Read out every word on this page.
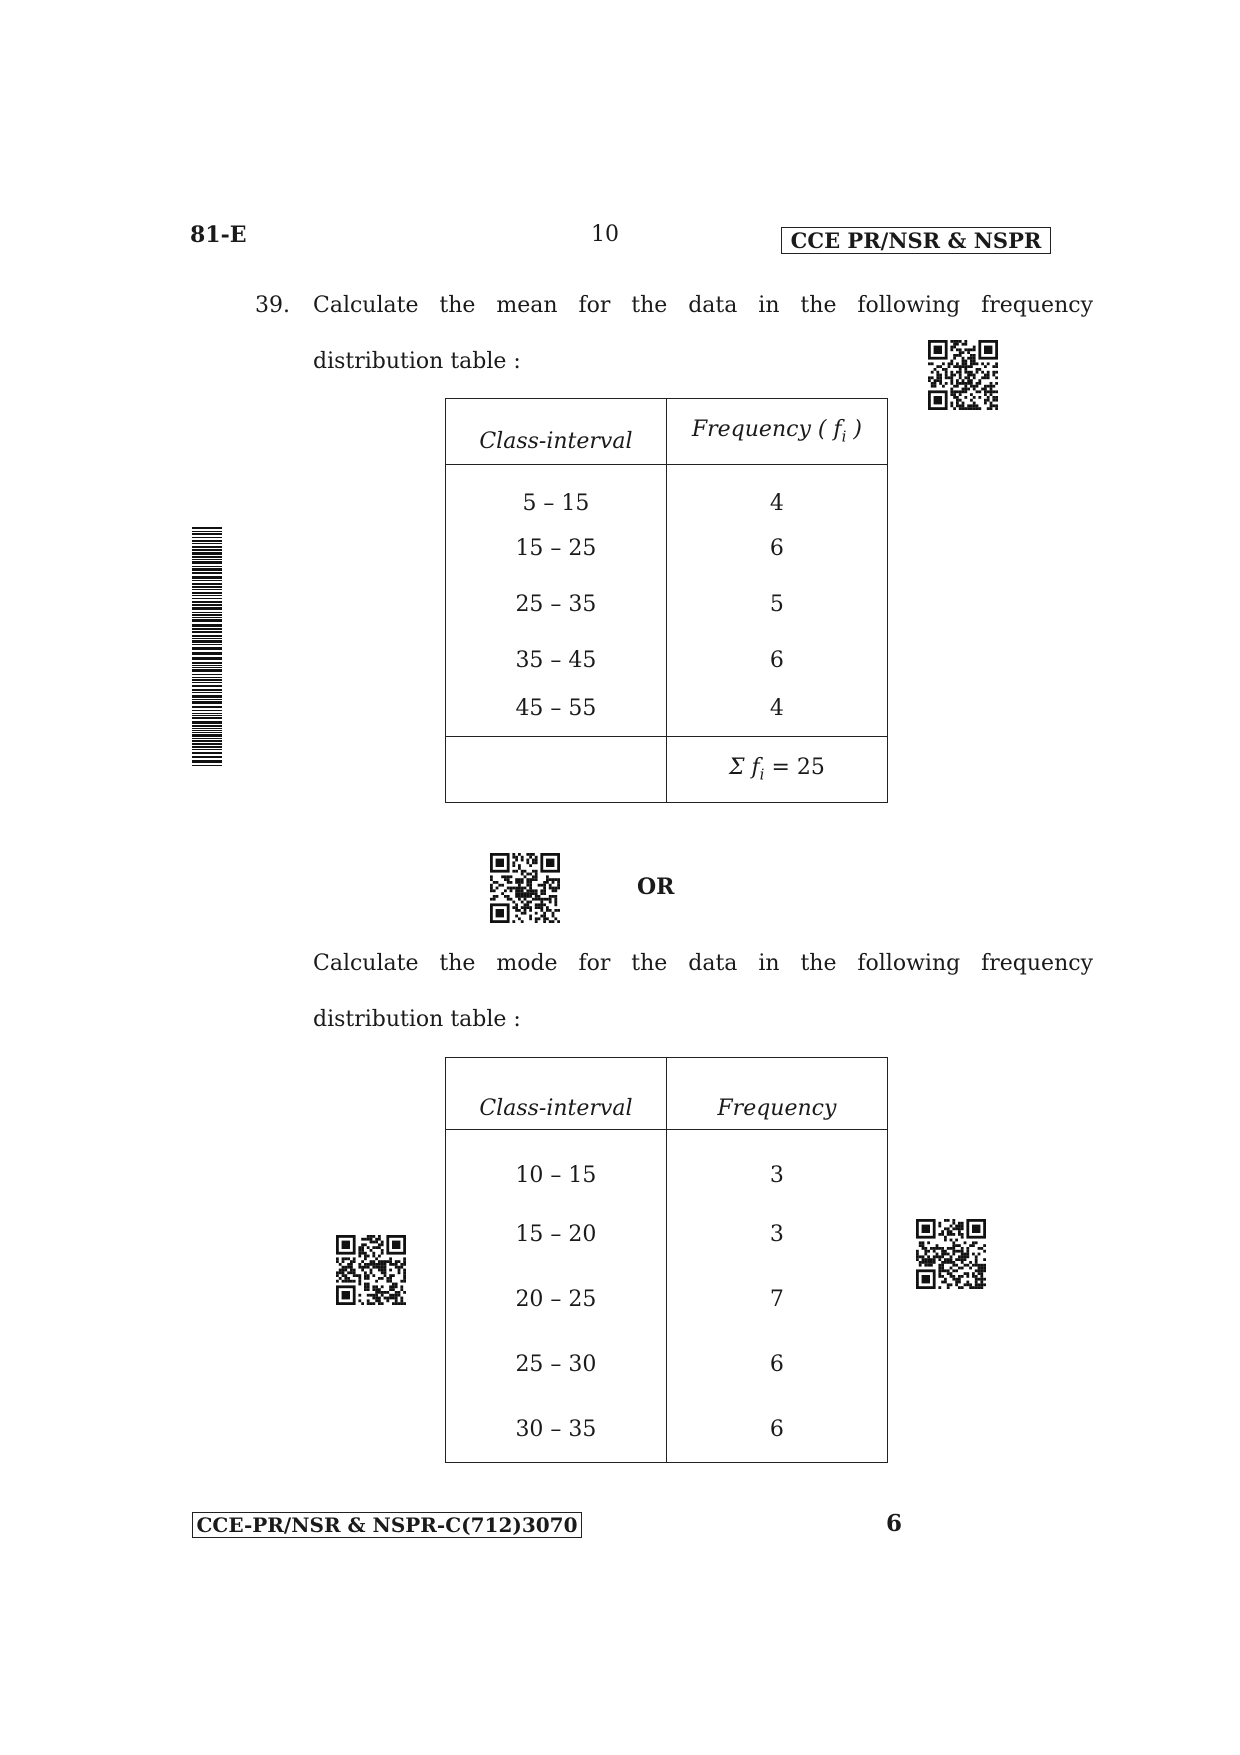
81-E	10	CCE PR/NSR & NSPR
39. Calculate the mean for the data in the following frequency
distribution table :
Class-interval	Frequency ( $f_i$ )
5 – 15	4
15 – 25	6
25 – 35	5
35 – 45	6
45 – 55	4
	Σ $f_i = 25$
OR
Calculate the mode for the data in the following frequency
distribution table :
Class-interval	Frequency
10 – 15	3
15 – 20	3
20 – 25	7
25 – 30	6
30 – 35	6
CCE-PR/NSR & NSPR-C(712)3070	6
